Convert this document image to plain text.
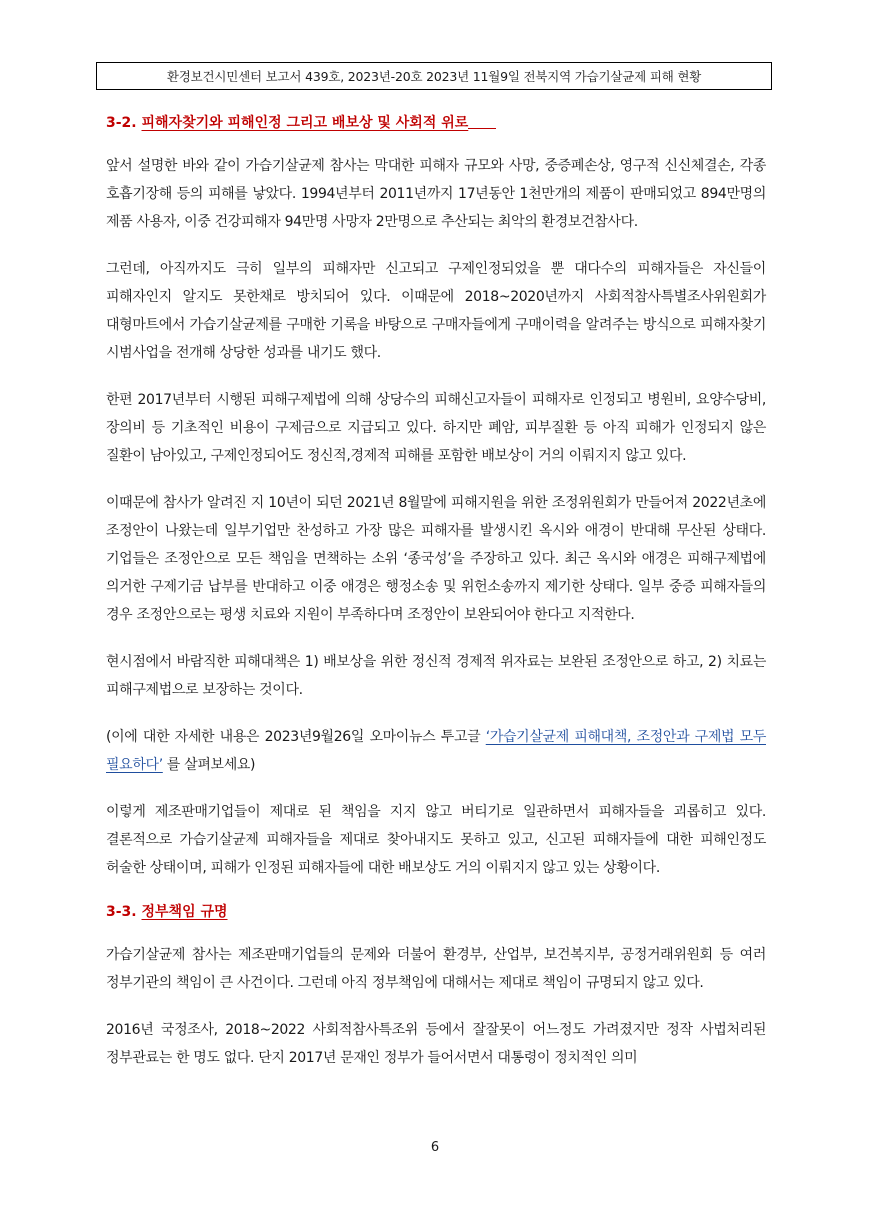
환경보건시민센터 보고서 439호, 2023년-20호 2023년 11월9일 전북지역 가습기살균제 피해 현황
3-2. 피해자찾기와 피해인정 그리고 배보상 및 사회적 위로

앞서 설명한 바와 같이 가습기살균제 참사는 막대한 피해자 규모와 사망, 중증폐손상, 영구적 신신체결손, 각종 호흡기장해 등의 피해를 낳았다. 1994년부터 2011년까지 17년동안 1천만개의 제품이 판매되었고 894만명의 제품 사용자, 이중 건강피해자 94만명 사망자 2만명으로 추산되는 최악의 환경보건참사다.

그런데, 아직까지도 극히 일부의 피해자만 신고되고 구제인정되었을 뿐 대다수의 피해자들은 자신들이 피해자인지 알지도 못한채로 방치되어 있다. 이때문에 2018~2020년까지 사회적참사특별조사위원회가 대형마트에서 가습기살균제를 구매한 기록을 바탕으로 구매자들에게 구매이력을 알려주는 방식으로 피해자찾기 시범사업을 전개해 상당한 성과를 내기도 했다.

한편 2017년부터 시행된 피해구제법에 의해 상당수의 피해신고자들이 피해자로 인정되고 병원비, 요양수당비, 장의비 등 기초적인 비용이 구제금으로 지급되고 있다. 하지만 폐암, 피부질환 등 아직 피해가 인정되지 않은 질환이 남아있고, 구제인정되어도 정신적,경제적 피해를 포함한 배보상이 거의 이뤄지지 않고 있다.

이때문에 참사가 알려진 지 10년이 되던 2021년 8월말에 피해지원을 위한 조정위원회가 만들어져 2022년초에 조정안이 나왔는데 일부기업만 찬성하고 가장 많은 피해자를 발생시킨 옥시와 애경이 반대해 무산된 상태다. 기업들은 조정안으로 모든 책임을 면책하는 소위 ‘종국성’을 주장하고 있다. 최근 옥시와 애경은 피해구제법에 의거한 구제기금 납부를 반대하고 이중 애경은 행정소송 및 위헌소송까지 제기한 상태다. 일부 중증 피해자들의 경우 조정안으로는 평생 치료와 지원이 부족하다며 조정안이 보완되어야 한다고 지적한다.

현시점에서 바람직한 피해대책은 1) 배보상을 위한 정신적 경제적 위자료는 보완된 조정안으로 하고, 2) 치료는 피해구제법으로 보장하는 것이다.

(이에 대한 자세한 내용은 2023년9월26일 오마이뉴스 투고글 ‘가습기살균제 피해대책, 조정안과 구제법 모두 필요하다’ 를 살펴보세요)

이렇게 제조판매기업들이 제대로 된 책임을 지지 않고 버티기로 일관하면서 피해자들을 괴롭히고 있다. 결론적으로 가습기살균제 피해자들을 제대로 찾아내지도 못하고 있고, 신고된 피해자들에 대한 피해인정도 허술한 상태이며, 피해가 인정된 피해자들에 대한 배보상도 거의 이뤄지지 않고 있는 상황이다.

3-3. 정부책임 규명

가습기살균제 참사는 제조판매기업들의 문제와 더불어 환경부, 산업부, 보건복지부, 공정거래위원회 등 여러 정부기관의 책임이 큰 사건이다. 그런데 아직 정부책임에 대해서는 제대로 책임이 규명되지 않고 있다.

2016년 국정조사, 2018~2022 사회적참사특조위 등에서 잘잘못이 어느정도 가려졌지만 정작 사법처리된 정부관료는 한 명도 없다. 단지 2017년 문재인 정부가 들어서면서 대통령이 정치적인 의미

6
